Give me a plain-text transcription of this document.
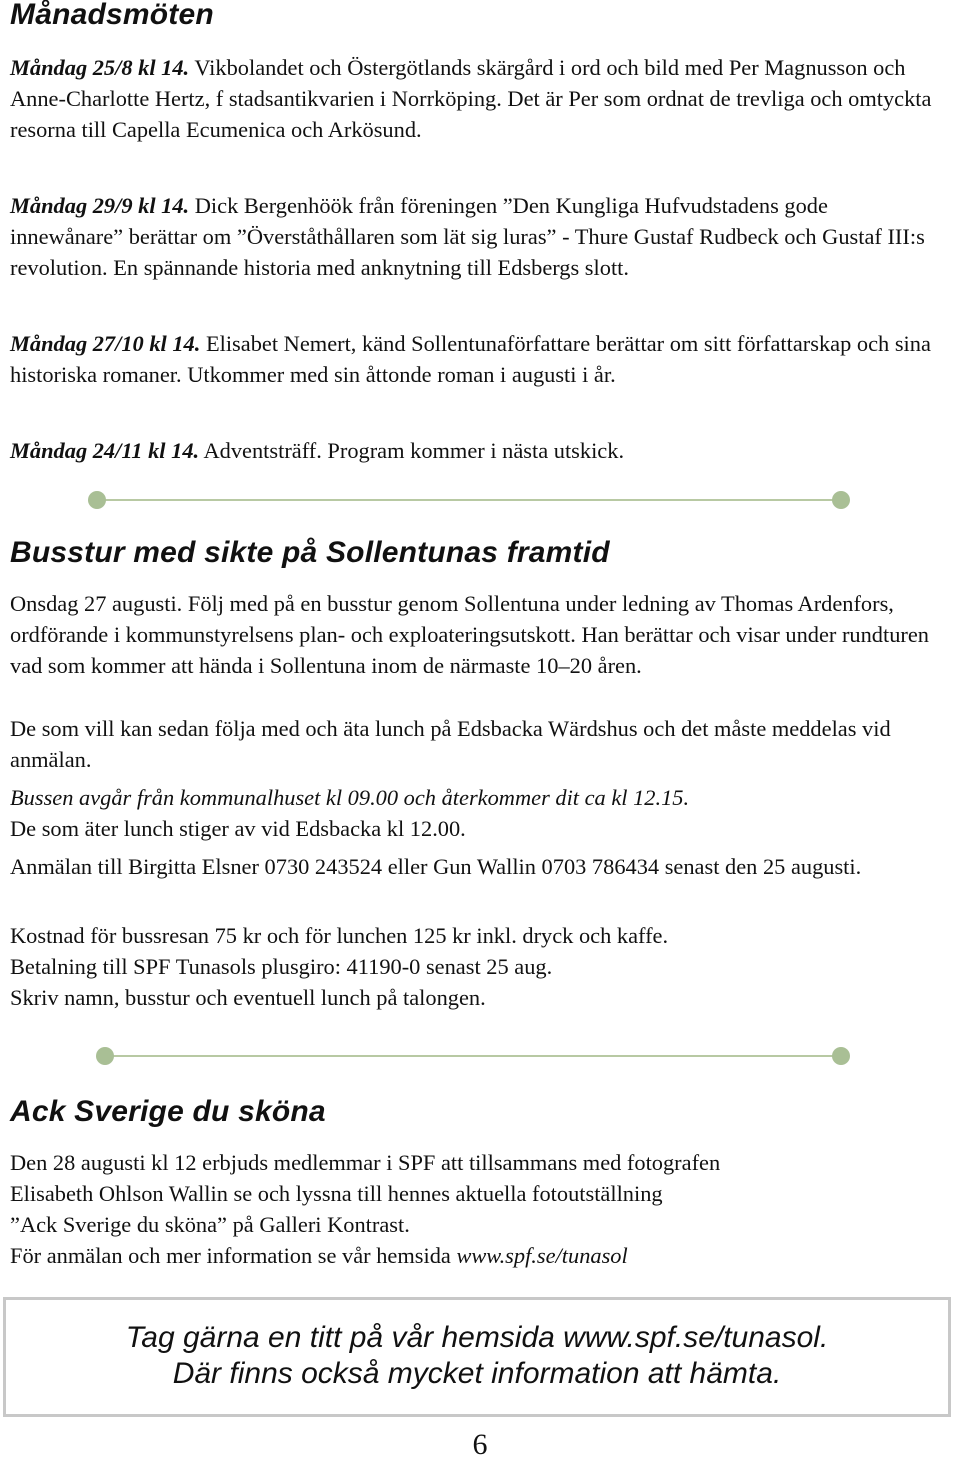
Månadsmöten

Måndag 25/8 kl 14. Vikbolandet och Östergötlands skärgård i ord och bild med Per Magnusson och Anne-Charlotte Hertz, f stadsantikvarien i Norrköping. Det är Per som ordnat de trevliga och omtyckta resorna till Capella Ecumenica och Arkösund.

Måndag 29/9 kl 14. Dick Bergenhöök från föreningen ”Den Kungliga Hufvudstadens gode innewånare” berättar om ”Överståthållaren som lät sig luras” - Thure Gustaf Rudbeck och Gustaf III:s revolution. En spännande historia med anknytning till Edsbergs slott.

Måndag 27/10 kl 14. Elisabet Nemert, känd Sollentunaförfattare berättar om sitt författarskap och sina historiska romaner. Utkommer med sin åttonde roman i augusti i år.

Måndag 24/11 kl 14. Adventsträff. Program kommer i nästa utskick.

Busstur med sikte på Sollentunas framtid

Onsdag 27 augusti. Följ med på en busstur genom Sollentuna under ledning av Thomas Ardenfors, ordförande i kommunstyrelsens plan- och exploateringsutskott. Han berättar och visar under rundturen vad som kommer att hända i Sollentuna inom de närmaste 10–20 åren.

De som vill kan sedan följa med och äta lunch på Edsbacka Wärdshus och det måste meddelas vid anmälan.

Bussen avgår från kommunalhuset kl 09.00 och återkommer dit ca kl 12.15.
De som äter lunch stiger av vid Edsbacka kl 12.00.

Anmälan till Birgitta Elsner 0730 243524 eller Gun Wallin 0703 786434 senast den 25 augusti.

Kostnad för bussresan 75 kr och för lunchen 125 kr inkl. dryck och kaffe.
Betalning till SPF Tunasols plusgiro: 41190-0 senast 25 aug.
Skriv namn, busstur och eventuell lunch på talongen.

Ack Sverige du sköna

Den 28 augusti kl 12 erbjuds medlemmar i SPF att tillsammans med fotografen
Elisabeth Ohlson Wallin se och lyssna till hennes aktuella fotoutställning
”Ack Sverige du sköna” på Galleri Kontrast.
För anmälan och mer information se vår hemsida www.spf.se/tunasol

Tag gärna en titt på vår hemsida www.spf.se/tunasol.
Där finns också mycket information att hämta.
6
